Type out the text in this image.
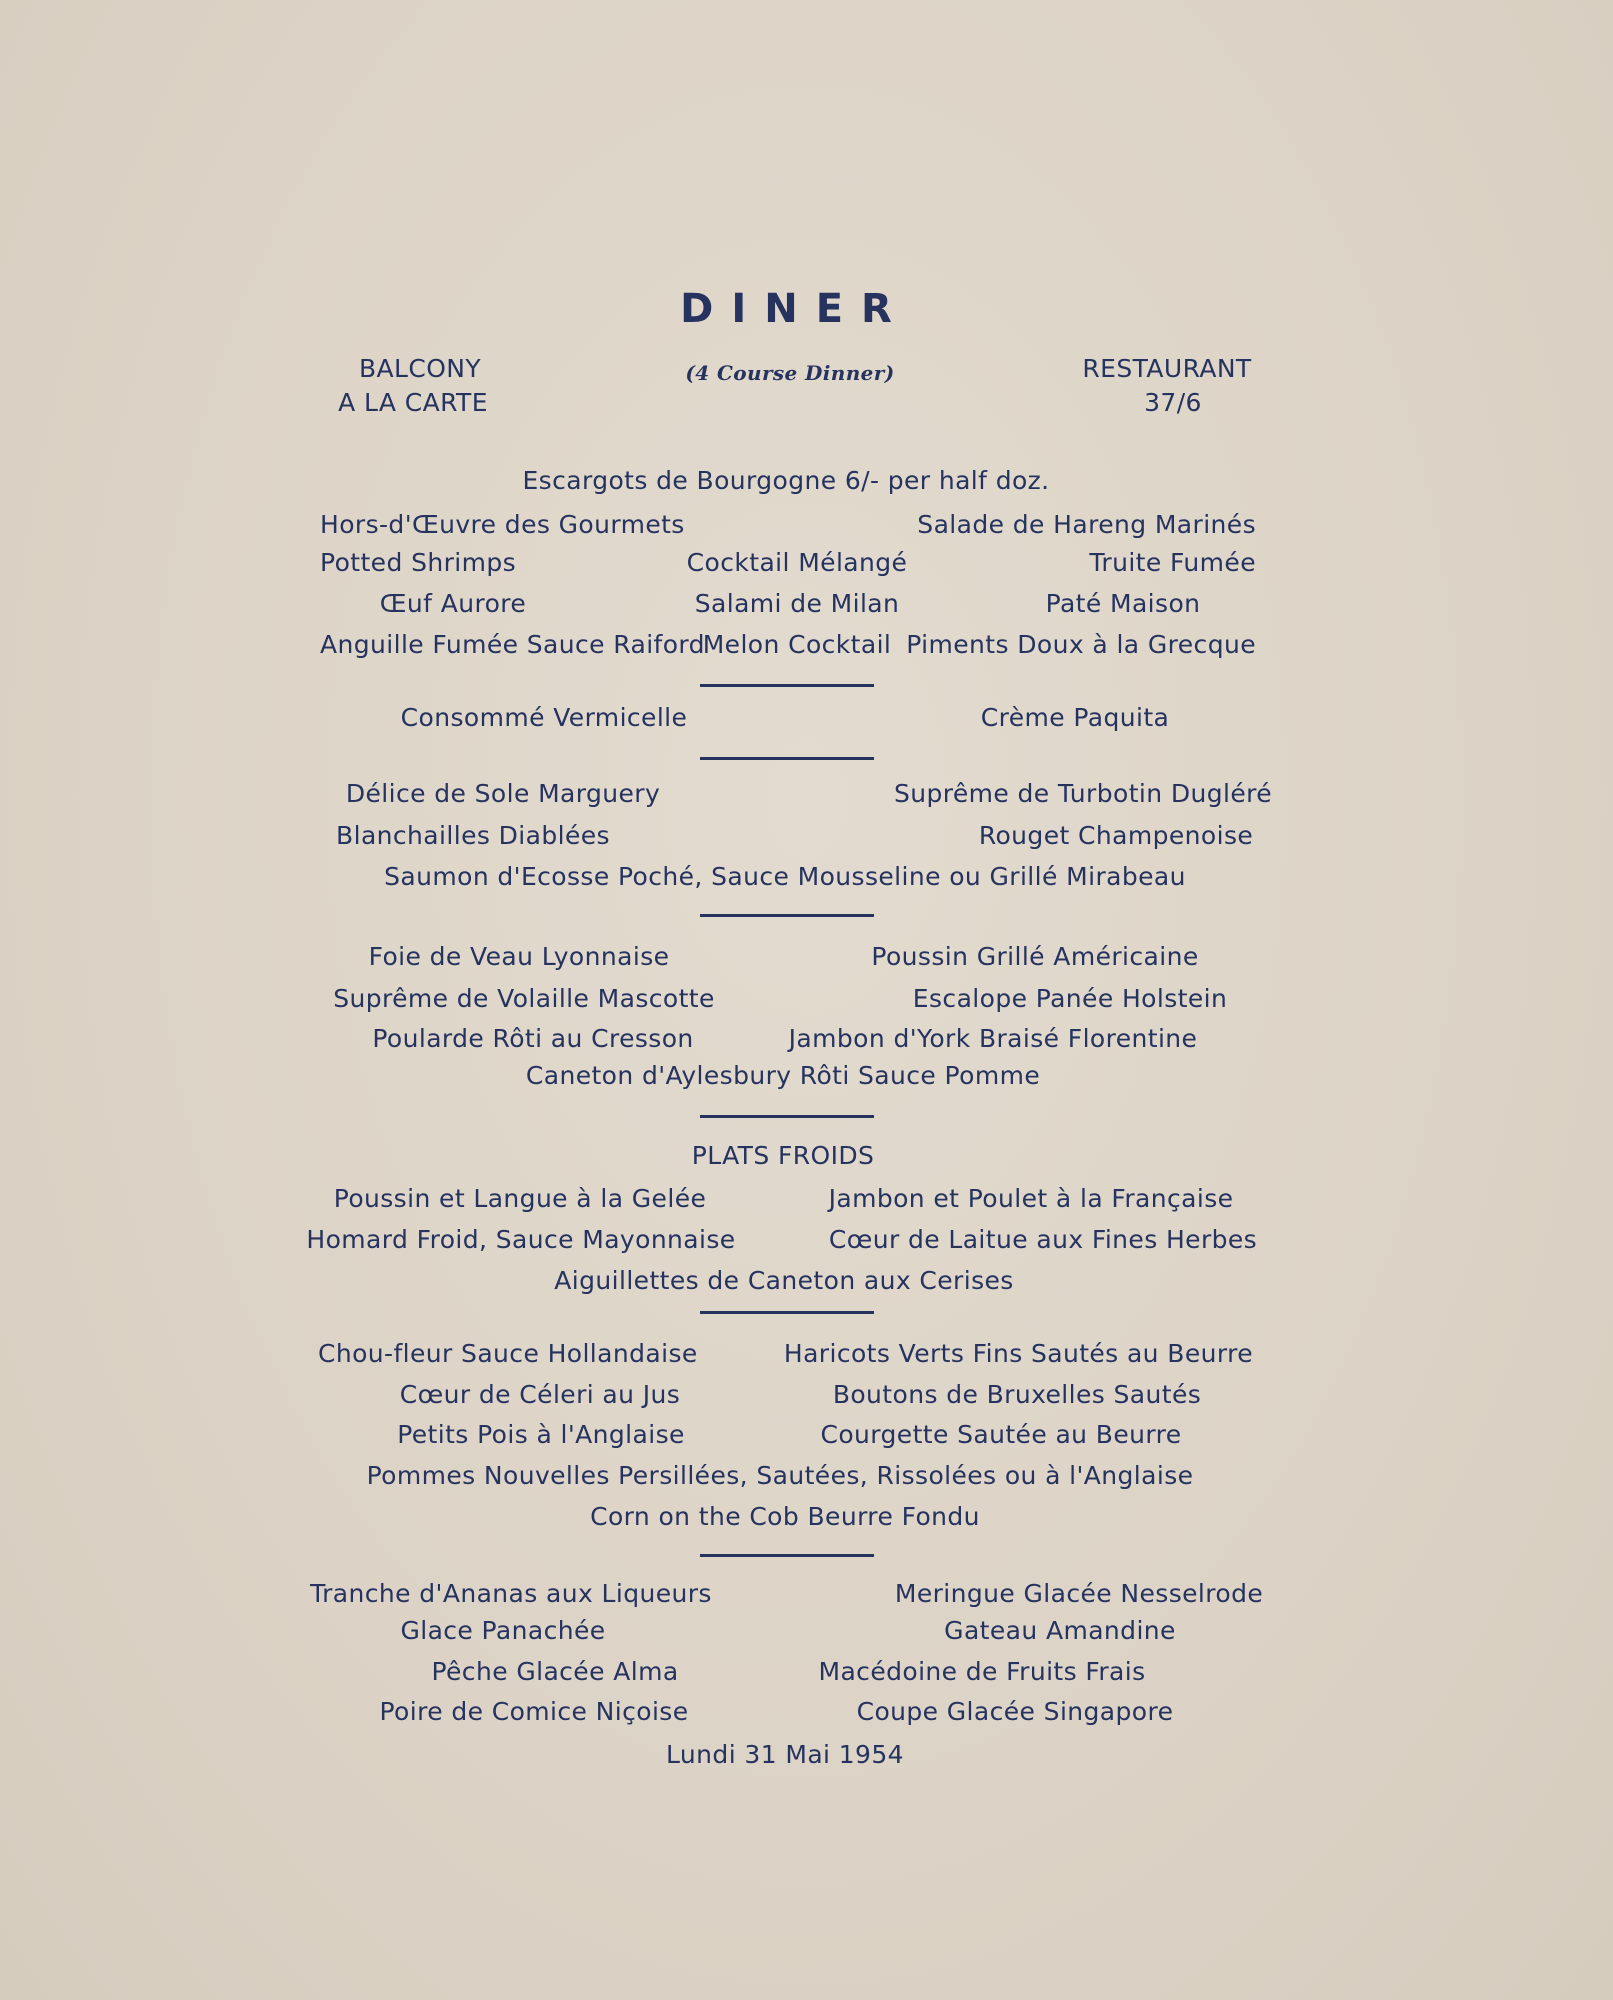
DINER
BALCONY
A LA CARTE
(4 Course Dinner)	RESTAURANT
37/6
Escargots de Bourgogne 6/- per half doz.
Hors-d'Œuvre des Gourmets	Salade de Hareng Marinés
Potted Shrimps	Cocktail Mélangé	Truite Fumée
Œuf Aurore	Salami de Milan	Paté Maison
Anguille Fumée Sauce Raiford
Melon Cocktail Piments Doux à la Grecque
Consommé Vermicelle	Crème Paquita
Délice de Sole Marguery	Suprême de Turbotin Dugléré
Blanchailles Diablées	Rouget Champenoise
Saumon d'Ecosse Poché, Sauce Mousseline ou Grillé Mirabeau
Foie de Veau Lyonnaise	Poussin Grillé Américaine
Suprême de Volaille Mascotte	Escalope Panée Holstein
Poularde Rôti au Cresson	Jambon d'York Braisé Florentine
Caneton d'Aylesbury Rôti Sauce Pomme
PLATS FROIDS
Poussin et Langue à la Gelée	Jambon et Poulet à la Française
Homard Froid, Sauce Mayonnaise	Cœur de Laitue aux Fines Herbes
Aiguillettes de Caneton aux Cerises
Chou-fleur Sauce Hollandaise	Haricots Verts Fins Sautés au Beurre
Cœur de Céleri au Jus	Boutons de Bruxelles Sautés
Petits Pois à l'Anglaise	Courgette Sautée au Beurre
Pommes Nouvelles Persillées, Sautées, Rissolées ou à l'Anglaise
Corn on the Cob Beurre Fondu
Tranche d'Ananas aux Liqueurs	Meringue Glacée Nesselrode
Glace Panachée	Gateau Amandine
Pêche Glacée Alma	Macédoine de Fruits Frais
Poire de Comice Niçoise	Coupe Glacée Singapore
Lundi 31 Mai 1954
